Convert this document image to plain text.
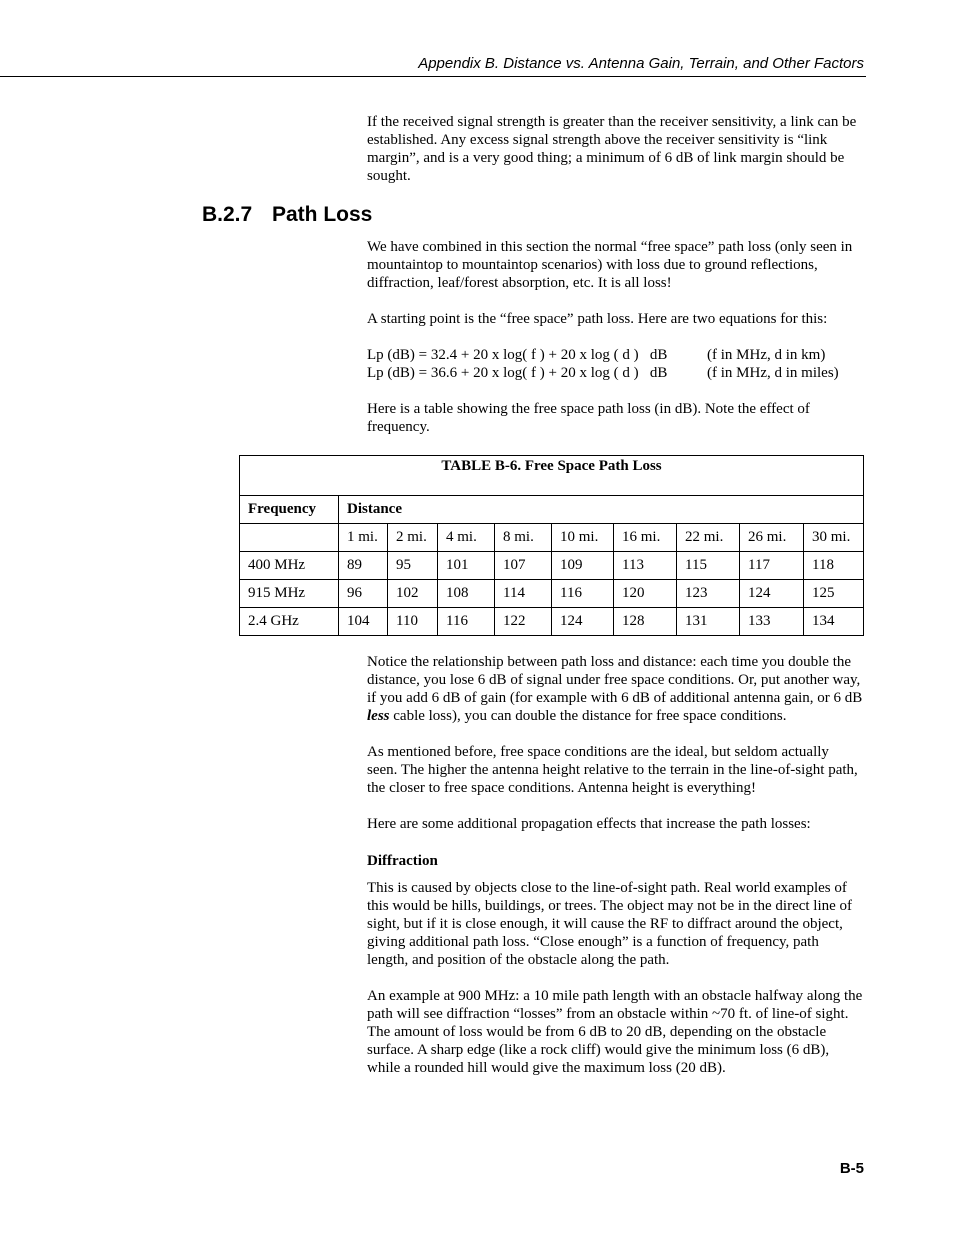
Appendix B. Distance vs. Antenna Gain, Terrain, and Other Factors

If the received signal strength is greater than the receiver sensitivity, a link can be established. Any excess signal strength above the receiver sensitivity is “link margin”, and is a very good thing; a minimum of 6 dB of link margin should be sought.

B.2.7 Path Loss

We have combined in this section the normal “free space” path loss (only seen in mountaintop to mountaintop scenarios) with loss due to ground reflections, diffraction, leaf/forest absorption, etc. It is all loss!

A starting point is the “free space” path loss. Here are two equations for this:

Lp (dB) = 32.4 + 20 x log( f ) + 20 x log ( d )   dB	(f in MHz, d in km)
Lp (dB) = 36.6 + 20 x log( f ) + 20 x log ( d )   dB	(f in MHz, d in miles)

Here is a table showing the free space path loss (in dB). Note the effect of frequency.

TABLE B-6. Free Space Path Loss									
Frequency	Distance								
	1 mi.	2 mi.	4 mi.	8 mi.	10 mi.	16 mi.	22 mi.	26 mi.	30 mi.
400 MHz	89	95	101	107	109	113	115	117	118
915 MHz	96	102	108	114	116	120	123	124	125
2.4 GHz	104	110	116	122	124	128	131	133	134

Notice the relationship between path loss and distance: each time you double the distance, you lose 6 dB of signal under free space conditions. Or, put another way, if you add 6 dB of gain (for example with 6 dB of additional antenna gain, or 6 dB less cable loss), you can double the distance for free space conditions.

As mentioned before, free space conditions are the ideal, but seldom actually seen. The higher the antenna height relative to the terrain in the line-of-sight path, the closer to free space conditions. Antenna height is everything!

Here are some additional propagation effects that increase the path losses:

Diffraction

This is caused by objects close to the line-of-sight path. Real world examples of this would be hills, buildings, or trees. The object may not be in the direct line of sight, but if it is close enough, it will cause the RF to diffract around the object, giving additional path loss. “Close enough” is a function of frequency, path length, and position of the obstacle along the path.

An example at 900 MHz: a 10 mile path length with an obstacle halfway along the path will see diffraction “losses” from an obstacle within ~70 ft. of line-of sight. The amount of loss would be from 6 dB to 20 dB, depending on the obstacle surface. A sharp edge (like a rock cliff) would give the minimum loss (6 dB), while a rounded hill would give the maximum loss (20 dB).

B-5
